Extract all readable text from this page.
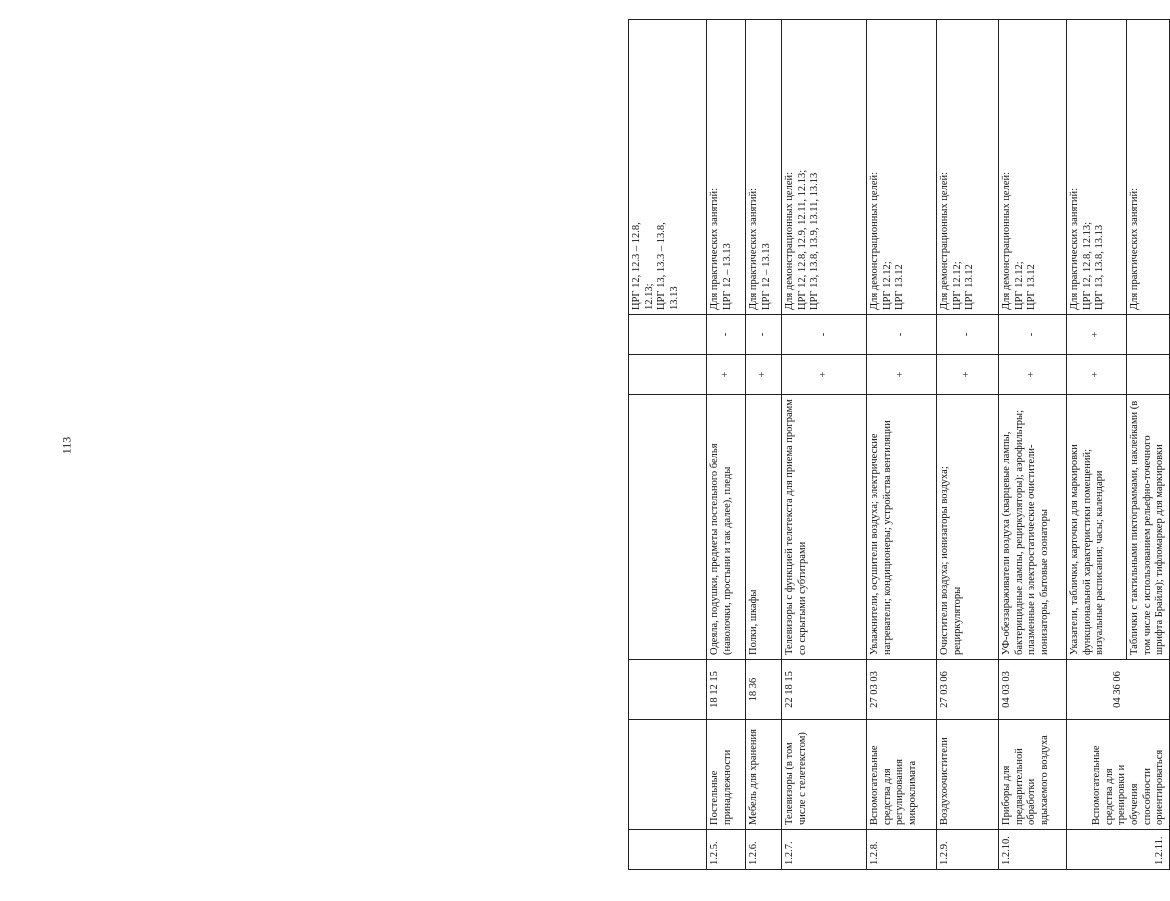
113

						ЦРГ 12, 12.3 – 12.8, 12.13; ЦРГ 13, 13.3 – 13.8, 13.13

1.2.5.	Постельные принадлежности	18 12 15	Одеяла, подушки, предметы постельного белья (наволочки, простыни и так далее), пледы	+	-	Для практических занятий: ЦРГ 12 – 13.13

1.2.6.	Мебель для хранения	18 36	Полки, шкафы	+	-	Для практических занятий: ЦРГ 12 – 13.13

1.2.7.	Телевизоры (в том числе с телетекстом)	22 18 15	Телевизоры с функцией телетекста для приема программ со скрытыми субтитрами	+	-	Для демонстрационных целей: ЦРГ 12, 12.8, 12.9, 12.11, 12.13; ЦРГ 13, 13.8, 13.9, 13.11, 13.13

1.2.8.	Вспомогательные средства для регулирования микроклимата	27 03 03	Увлажнители, осушители воздуха; электрические нагреватели; кондиционеры; устройства вентиляции	+	-	Для демонстрационных целей: ЦРГ 12.12; ЦРГ 13.12

1.2.9.	Воздухоочистители	27 03 06	Очистители воздуха; ионизаторы воздуха; рециркуляторы	+	-	Для демонстрационных целей: ЦРГ 12.12; ЦРГ 13.12

1.2.10.	Приборы для предварительной обработки вдыхаемого воздуха	04 03 03	УФ-обеззараживатели воздуха (кварцевые лампы, бактерицидные лампы, рециркуляторы); аэрофильтры; плазменные и электростатические очистители-ионизаторы, бытовые озонаторы	+	-	Для демонстрационных целей: ЦРГ 12.12; ЦРГ 13.12

1.2.11.	Вспомогательные средства для тренировки и обучения способности ориентироваться	04 36 06	Указатели, таблички, карточки для маркировки функциональной характеристики помещений; визуальные расписания; часы; календари	+	+	Для практических занятий: ЦРГ 12, 12.8, 12.13; ЦРГ 13, 13.8, 13.13

			Таблички с тактильными пиктограммами, наклейками (в том числе с использованием рельефно-точечного шрифта Брайля); тифломаркер для маркировки			Для практических занятий:
